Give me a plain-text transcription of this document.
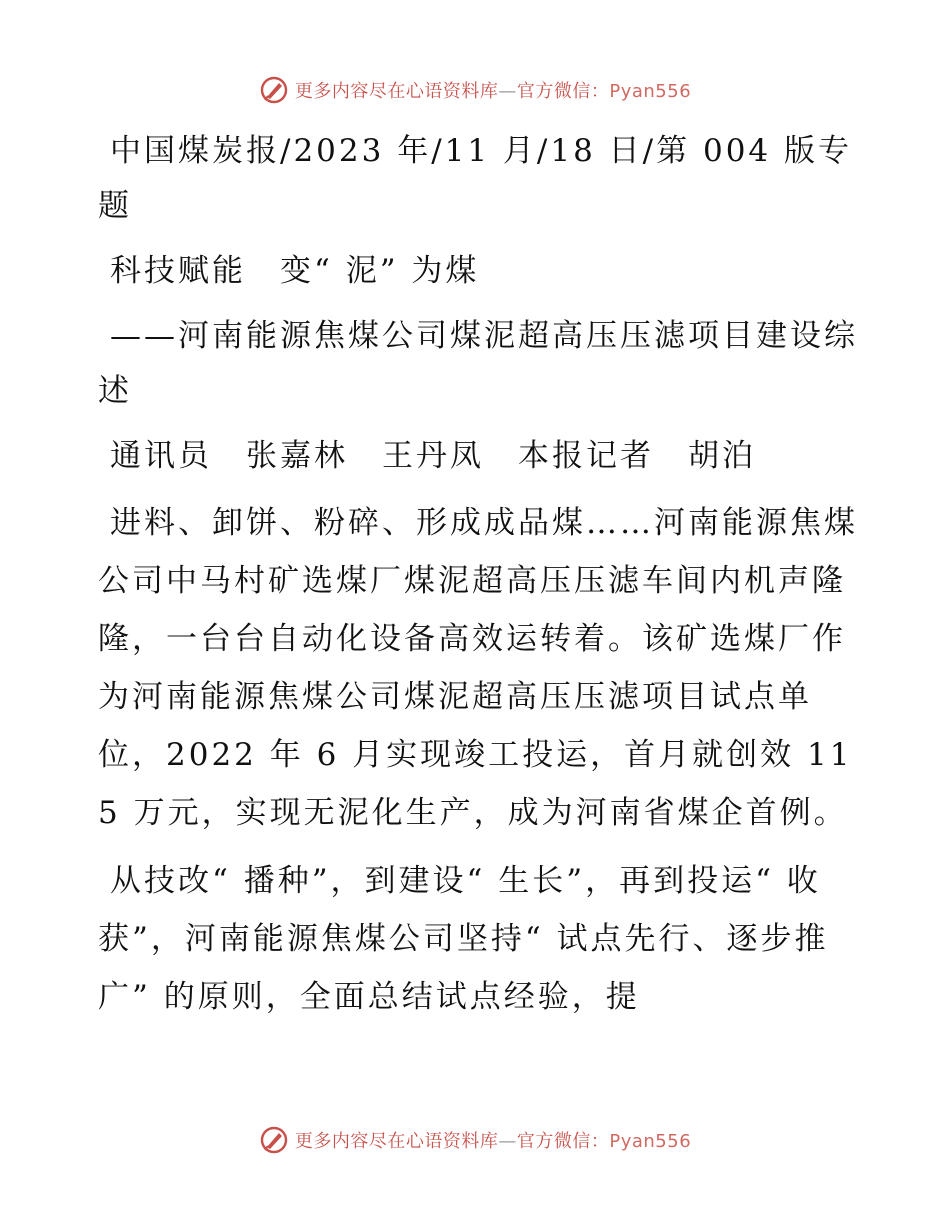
更多内容尽在心语资料库—官方微信：Pyan556

中国煤炭报/2023 年/11 月/18 日/第 004 版专题

科技赋能　变“ 泥” 为煤

——河南能源焦煤公司煤泥超高压压滤项目建设综述

通讯员　张嘉林　王丹凤　本报记者　胡泊

进料、卸饼、粉碎、形成成品煤……河南能源焦煤公司中马村矿选煤厂煤泥超高压压滤车间内机声隆隆，一台台自动化设备高效运转着。该矿选煤厂作为河南能源焦煤公司煤泥超高压压滤项目试点单位，2022 年 6 月实现竣工投运，首月就创效 115 万元，实现无泥化生产，成为河南省煤企首例。

从技改“ 播种”，到建设“ 生长”，再到投运“ 收获”，河南能源焦煤公司坚持“ 试点先行、逐步推广” 的原则，全面总结试点经验，提

更多内容尽在心语资料库—官方微信：Pyan556
